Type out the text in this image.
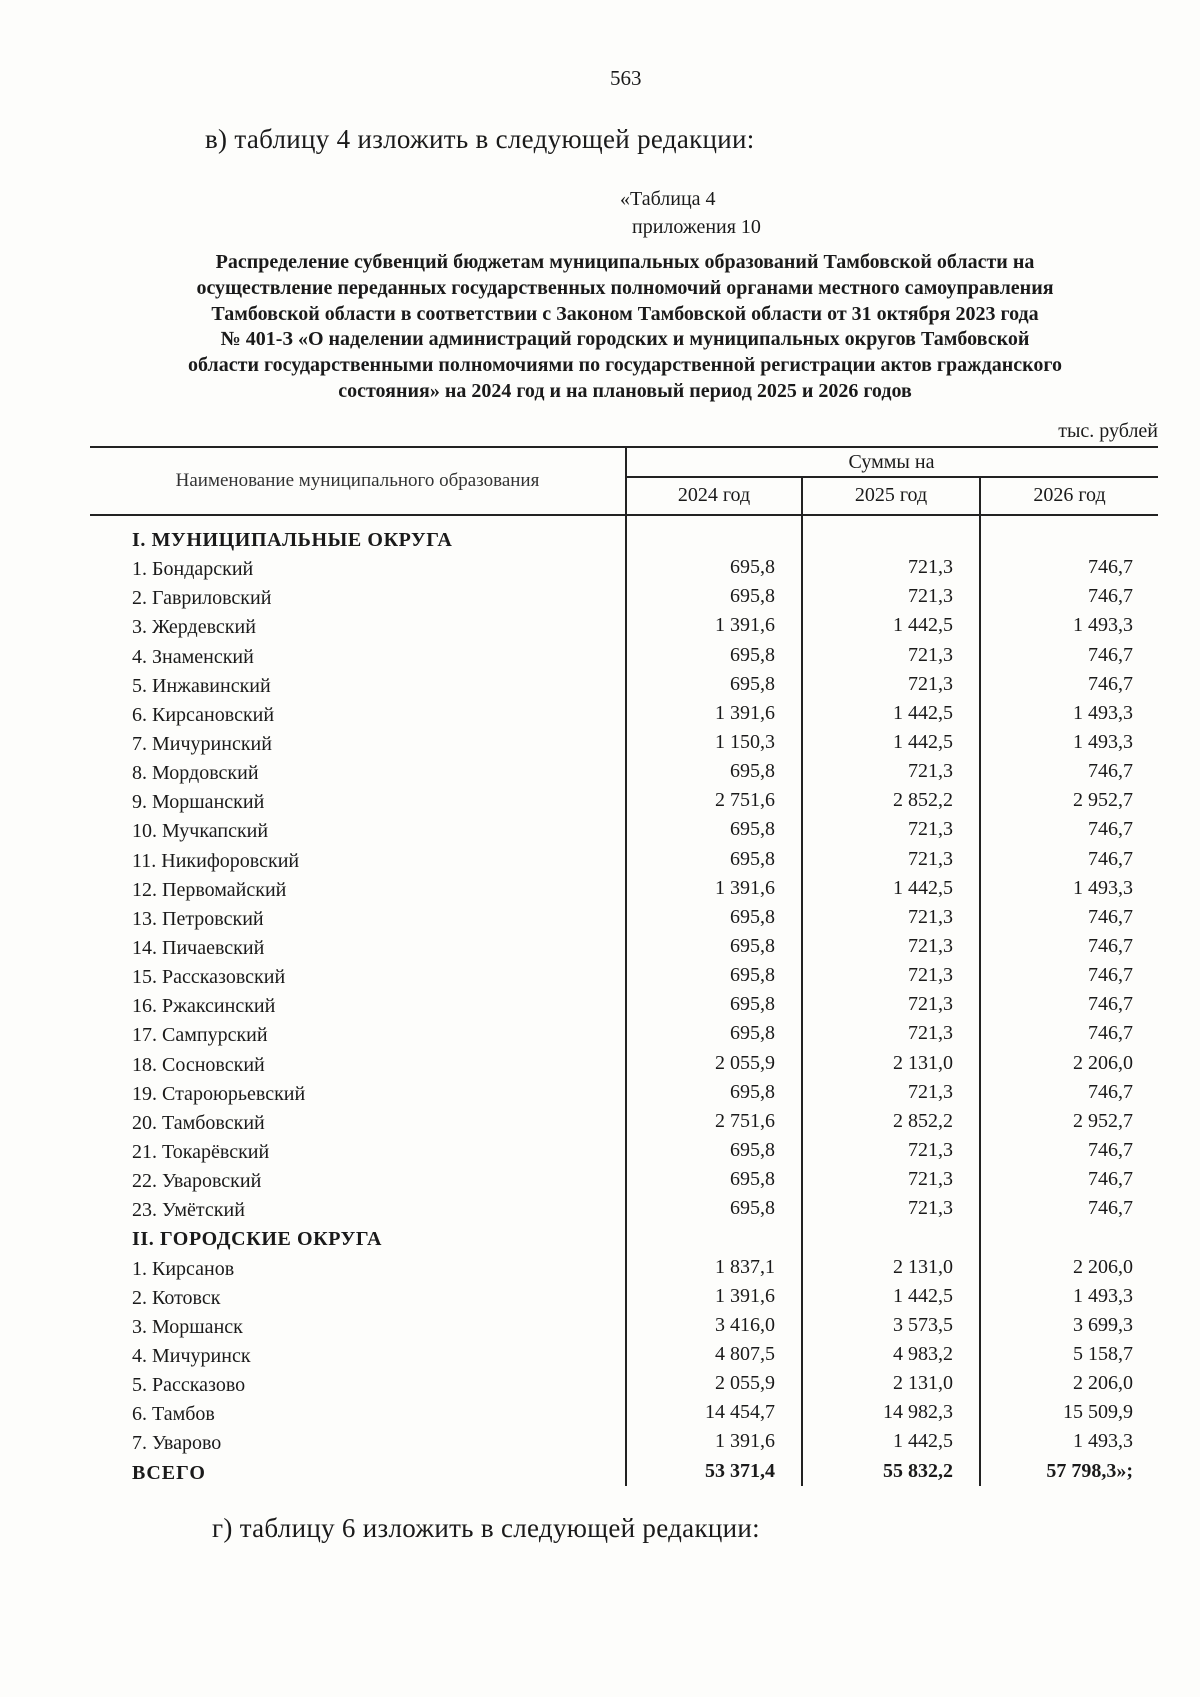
563
в) таблицу 4 изложить в следующей редакции:
«Таблица 4
приложения 10
Распределение субвенций бюджетам муниципальных образований Тамбовской области на
осуществление переданных государственных полномочий органами местного самоуправления
Тамбовской области в соответствии с Законом Тамбовской области от 31 октября 2023 года
№ 401-З «О наделении администраций городских и муниципальных округов Тамбовской
области государственными полномочиями по государственной регистрации актов гражданского
состояния» на 2024 год и на плановый период 2025 и 2026 годов
тыс. рублей
Наименование муниципального образования
Суммы на
2024 год	2025 год	2026 год
I. МУНИЦИПАЛЬНЫЕ ОКРУГА
1. Бондарский	695,8	721,3	746,7
2. Гавриловский	695,8	721,3	746,7
3. Жердевский	1 391,6	1 442,5	1 493,3
4. Знаменский	695,8	721,3	746,7
5. Инжавинский	695,8	721,3	746,7
6. Кирсановский	1 391,6	1 442,5	1 493,3
7. Мичуринский	1 150,3	1 442,5	1 493,3
8. Мордовский	695,8	721,3	746,7
9. Моршанский	2 751,6	2 852,2	2 952,7
10. Мучкапский	695,8	721,3	746,7
11. Никифоровский	695,8	721,3	746,7
12. Первомайский	1 391,6	1 442,5	1 493,3
13. Петровский	695,8	721,3	746,7
14. Пичаевский	695,8	721,3	746,7
15. Рассказовский	695,8	721,3	746,7
16. Ржаксинский	695,8	721,3	746,7
17. Сампурский	695,8	721,3	746,7
18. Сосновский	2 055,9	2 131,0	2 206,0
19. Староюрьевский	695,8	721,3	746,7
20. Тамбовский	2 751,6	2 852,2	2 952,7
21. Токарёвский	695,8	721,3	746,7
22. Уваровский	695,8	721,3	746,7
23. Умётский	695,8	721,3	746,7
II. ГОРОДСКИЕ ОКРУГА
1. Кирсанов	1 837,1	2 131,0	2 206,0
2. Котовск	1 391,6	1 442,5	1 493,3
3. Моршанск	3 416,0	3 573,5	3 699,3
4. Мичуринск	4 807,5	4 983,2	5 158,7
5. Рассказово	2 055,9	2 131,0	2 206,0
6. Тамбов	14 454,7	14 982,3	15 509,9
7. Уварово	1 391,6	1 442,5	1 493,3
ВСЕГО	53 371,4	55 832,2	57 798,3»;
г) таблицу 6 изложить в следующей редакции:
